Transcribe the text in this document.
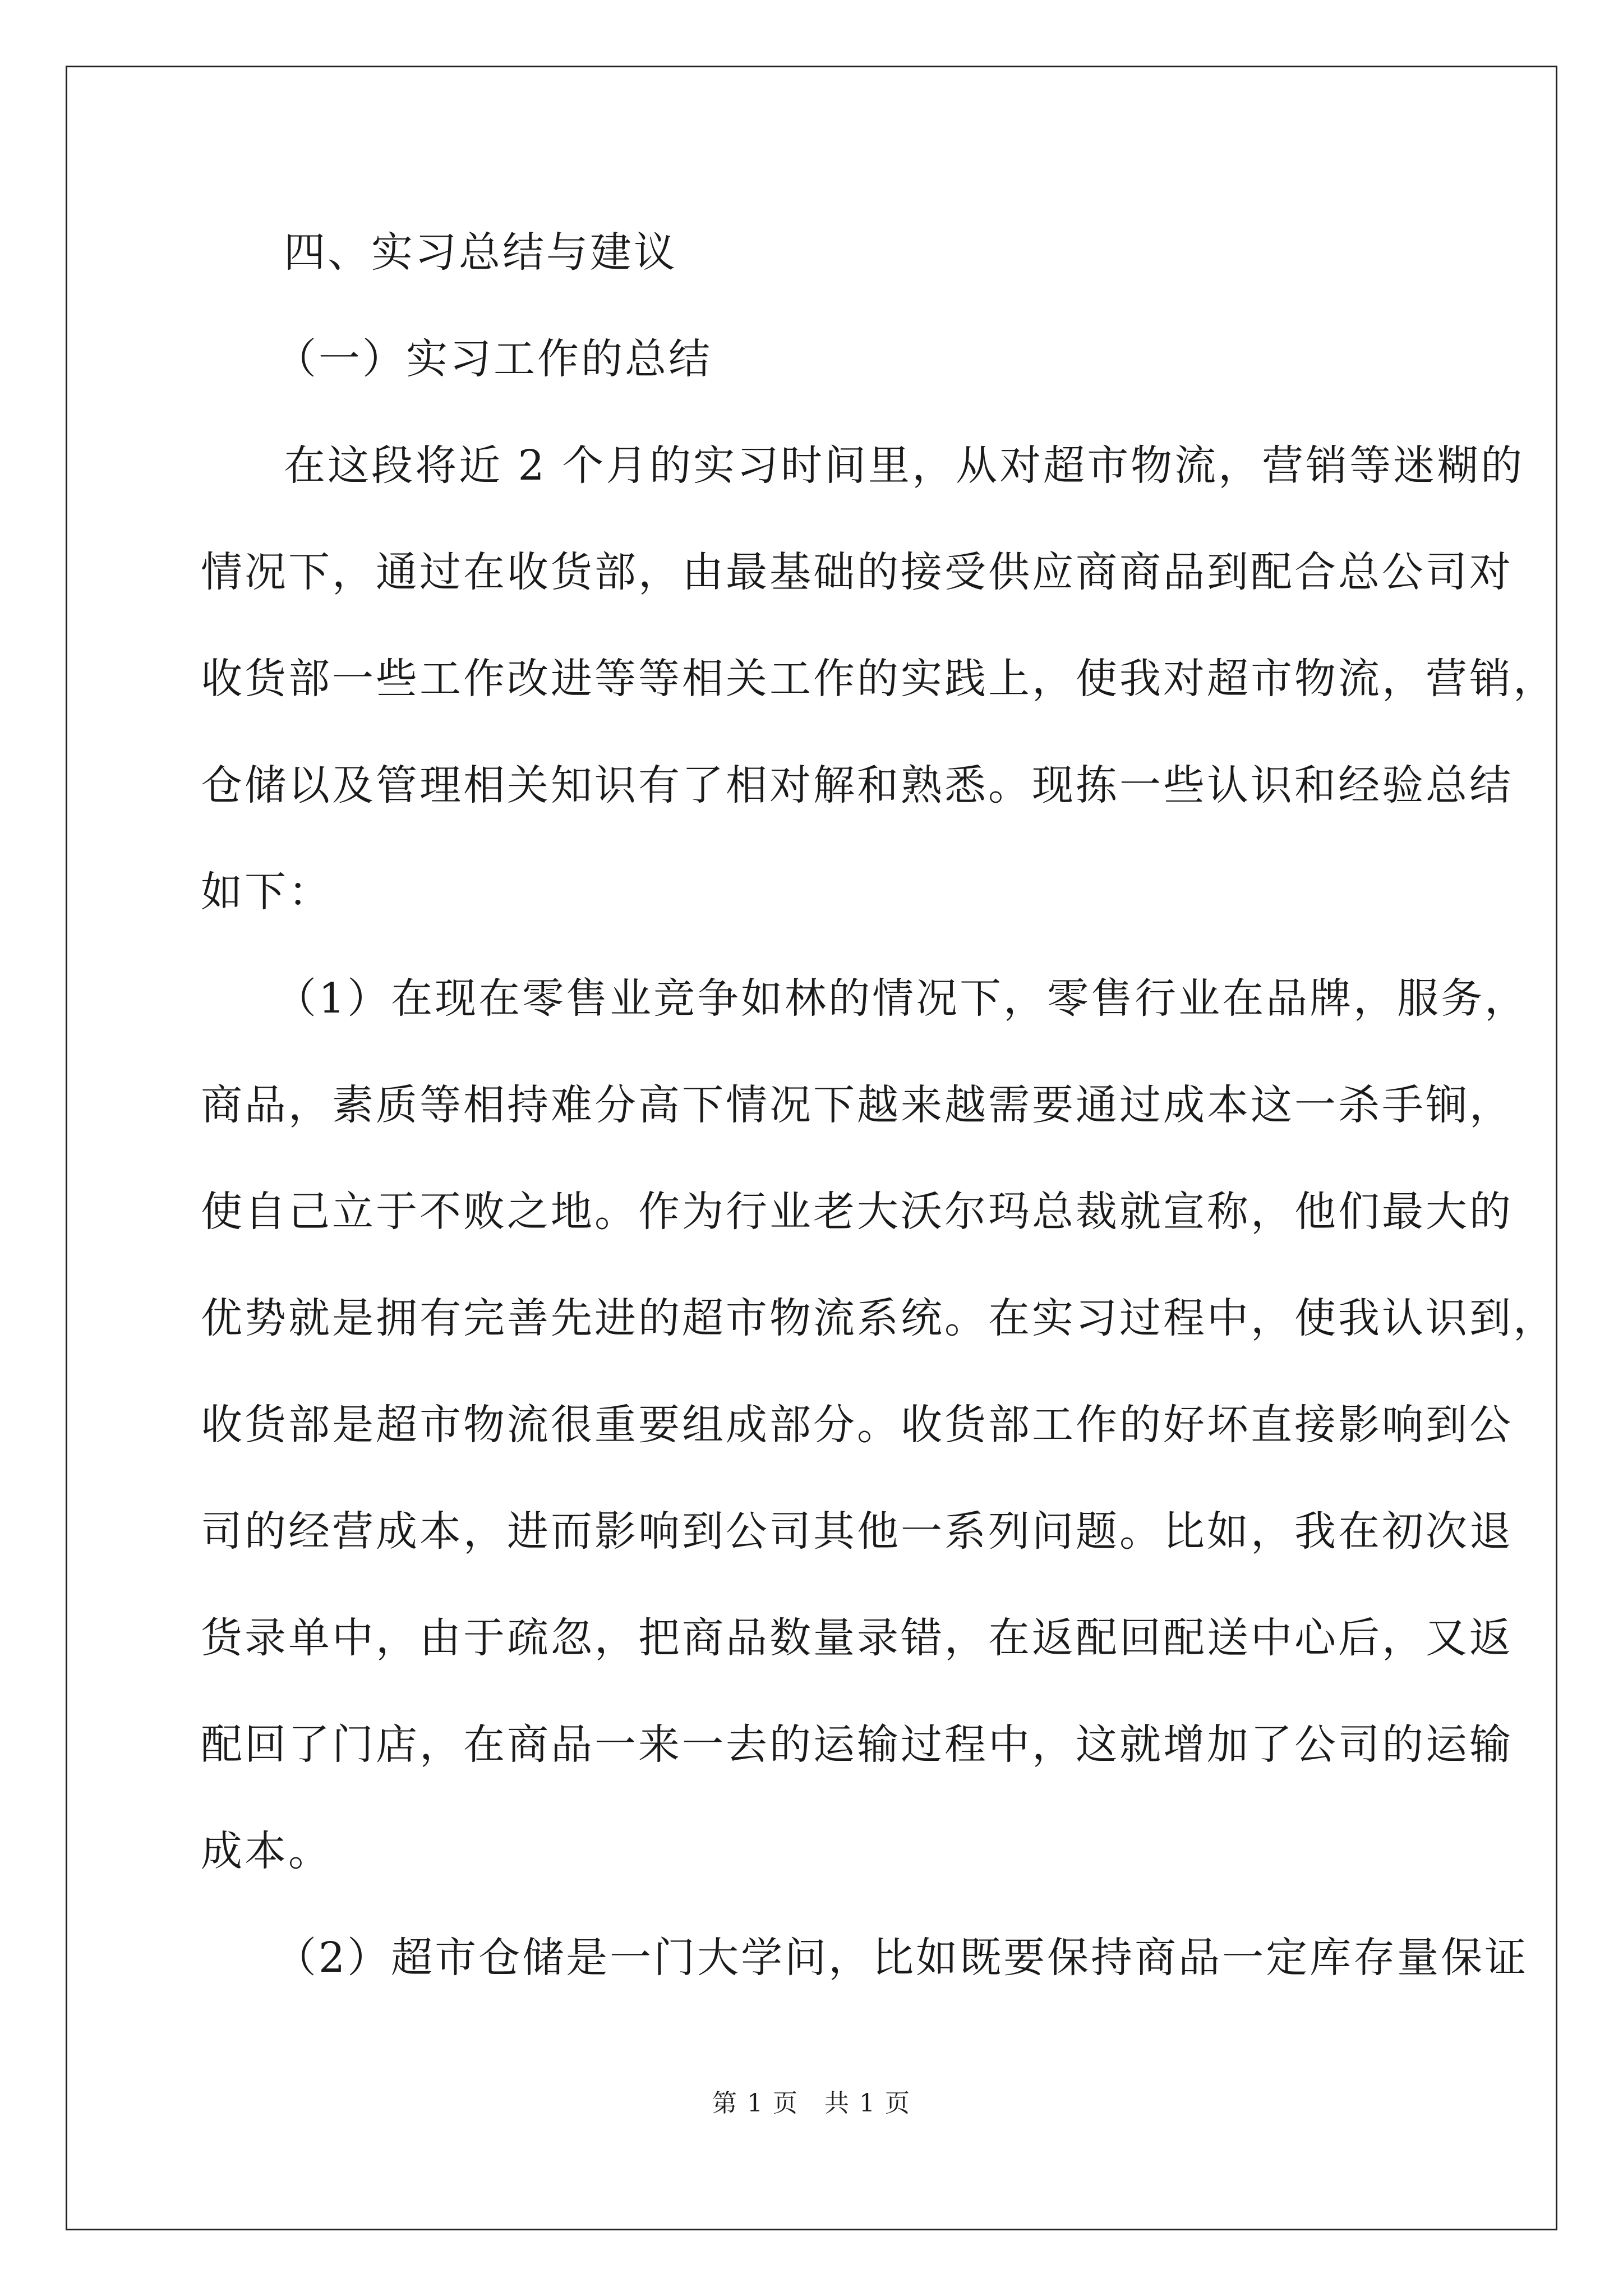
四、实习总结与建议
（一）实习工作的总结
在这段将近 2 个月的实习时间里，从对超市物流，营销等迷糊的
情况下，通过在收货部，由最基础的接受供应商商品到配合总公司对
收货部一些工作改进等等相关工作的实践上，使我对超市物流，营销，
仓储以及管理相关知识有了相对解和熟悉。现拣一些认识和经验总结
如下：
（1）在现在零售业竞争如林的情况下，零售行业在品牌，服务，
商品，素质等相持难分高下情况下越来越需要通过成本这一杀手锏，
使自己立于不败之地。作为行业老大沃尔玛总裁就宣称，他们最大的
优势就是拥有完善先进的超市物流系统。在实习过程中，使我认识到，
收货部是超市物流很重要组成部分。收货部工作的好坏直接影响到公
司的经营成本，进而影响到公司其他一系列问题。比如，我在初次退
货录单中，由于疏忽，把商品数量录错，在返配回配送中心后，又返
配回了门店，在商品一来一去的运输过程中，这就增加了公司的运输
成本。
（2）超市仓储是一门大学问，比如既要保持商品一定库存量保证
第 1 页　共 1 页
